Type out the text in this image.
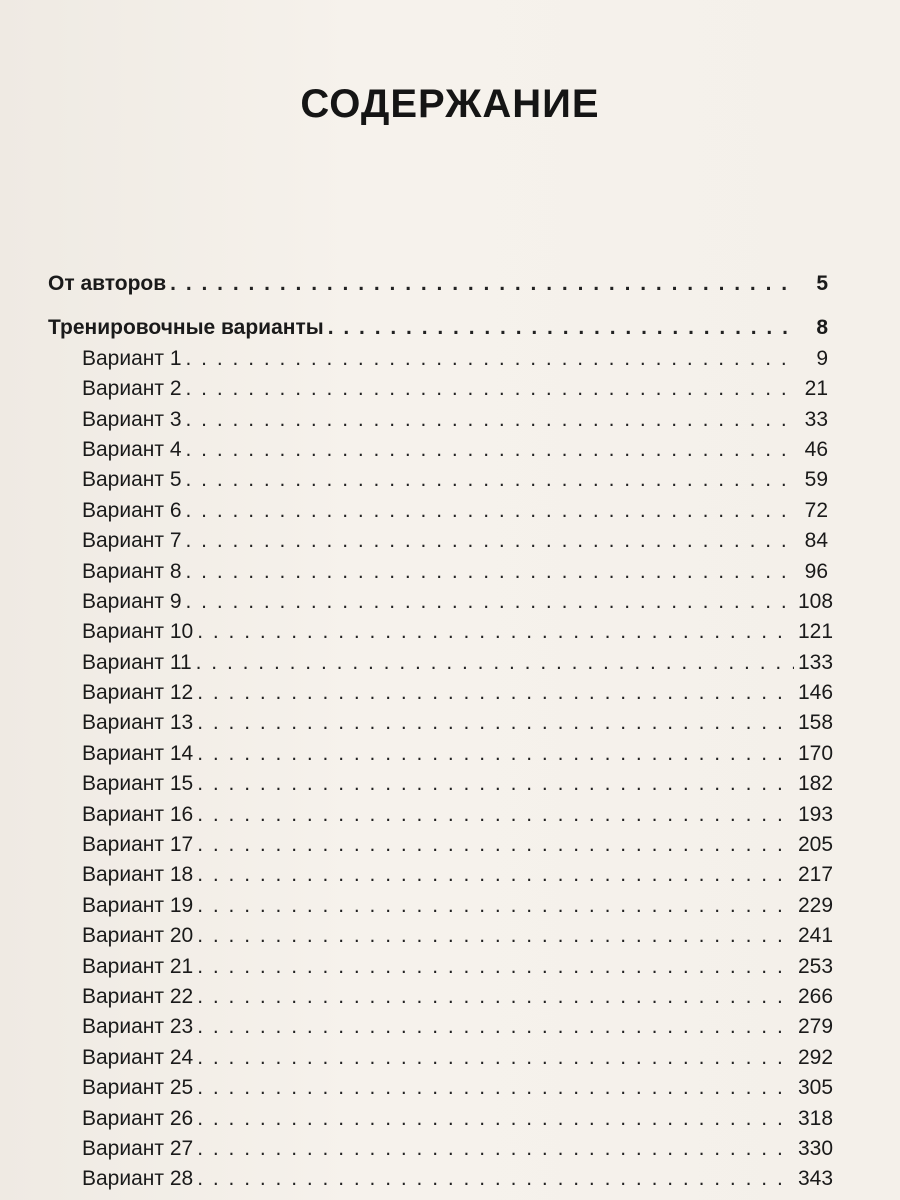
СОДЕРЖАНИЕ
От авторов . . .	5
Тренировочные варианты . . .	8
Вариант 1 . . .	9
Вариант 2 . . .	21
Вариант 3 . . .	33
Вариант 4 . . .	46
Вариант 5 . . .	59
Вариант 6 . . .	72
Вариант 7 . . .	84
Вариант 8 . . .	96
Вариант 9 . . .	108
Вариант 10 . . .	121
Вариант 11 . . .	133
Вариант 12 . . .	146
Вариант 13 . . .	158
Вариант 14 . . .	170
Вариант 15 . . .	182
Вариант 16 . . .	193
Вариант 17 . . .	205
Вариант 18 . . .	217
Вариант 19 . . .	229
Вариант 20 . . .	241
Вариант 21 . . .	253
Вариант 22 . . .	266
Вариант 23 . . .	279
Вариант 24 . . .	292
Вариант 25 . . .	305
Вариант 26 . . .	318
Вариант 27 . . .	330
Вариант 28 . . .	343
